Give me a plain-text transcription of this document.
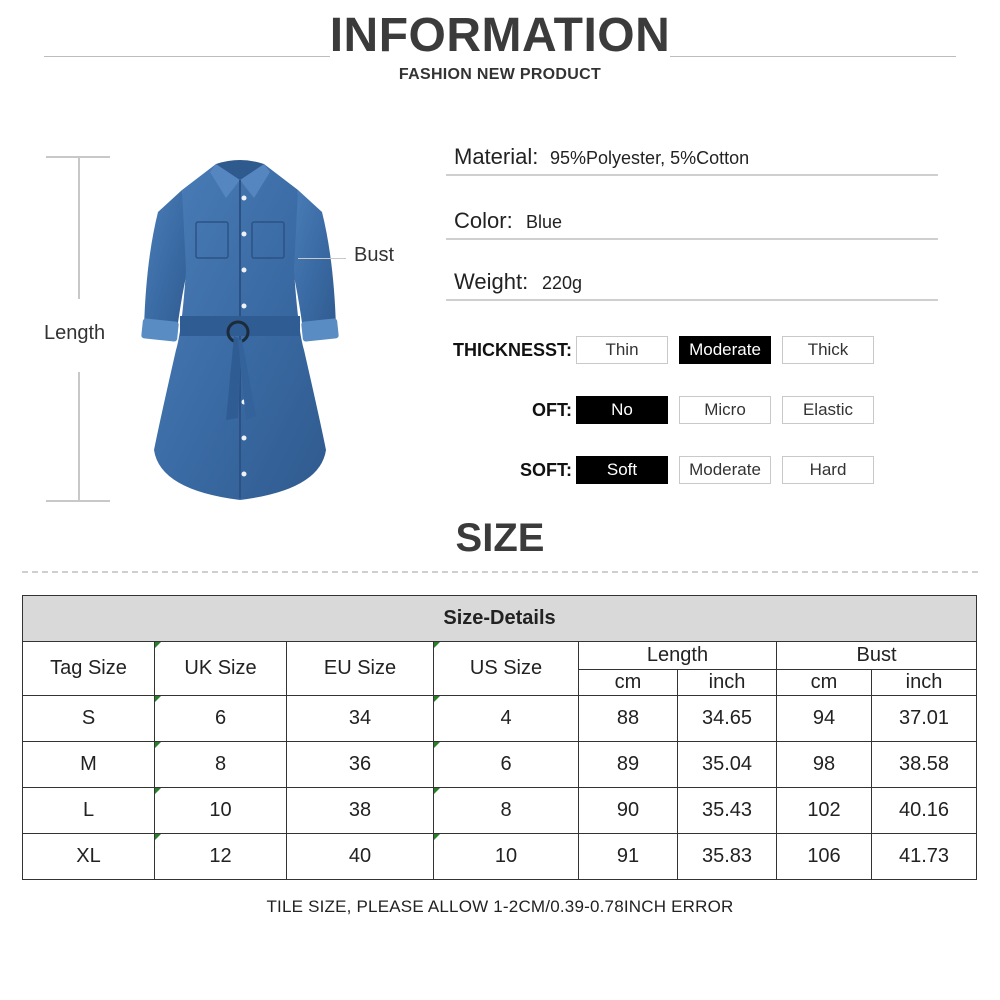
INFORMATION
FASHION NEW PRODUCT
Length
Bust
Material: 95%Polyester, 5%Cotton
Color: Blue
Weight: 220g
THICKNESST:	Thin	Moderate	Thick
OFT:	No	Micro	Elastic
SOFT:	Soft	Moderate	Hard
SIZE
Size-Details							
Tag Size	UK Size	EU Size	US Size	Length		Bust	
				cm	inch	cm	inch
S	6	34	4	88	34.65	94	37.01
M	8	36	6	89	35.04	98	38.58
L	10	38	8	90	35.43	102	40.16
XL	12	40	10	91	35.83	106	41.73
TILE SIZE, PLEASE ALLOW 1-2CM/0.39-0.78INCH ERROR
